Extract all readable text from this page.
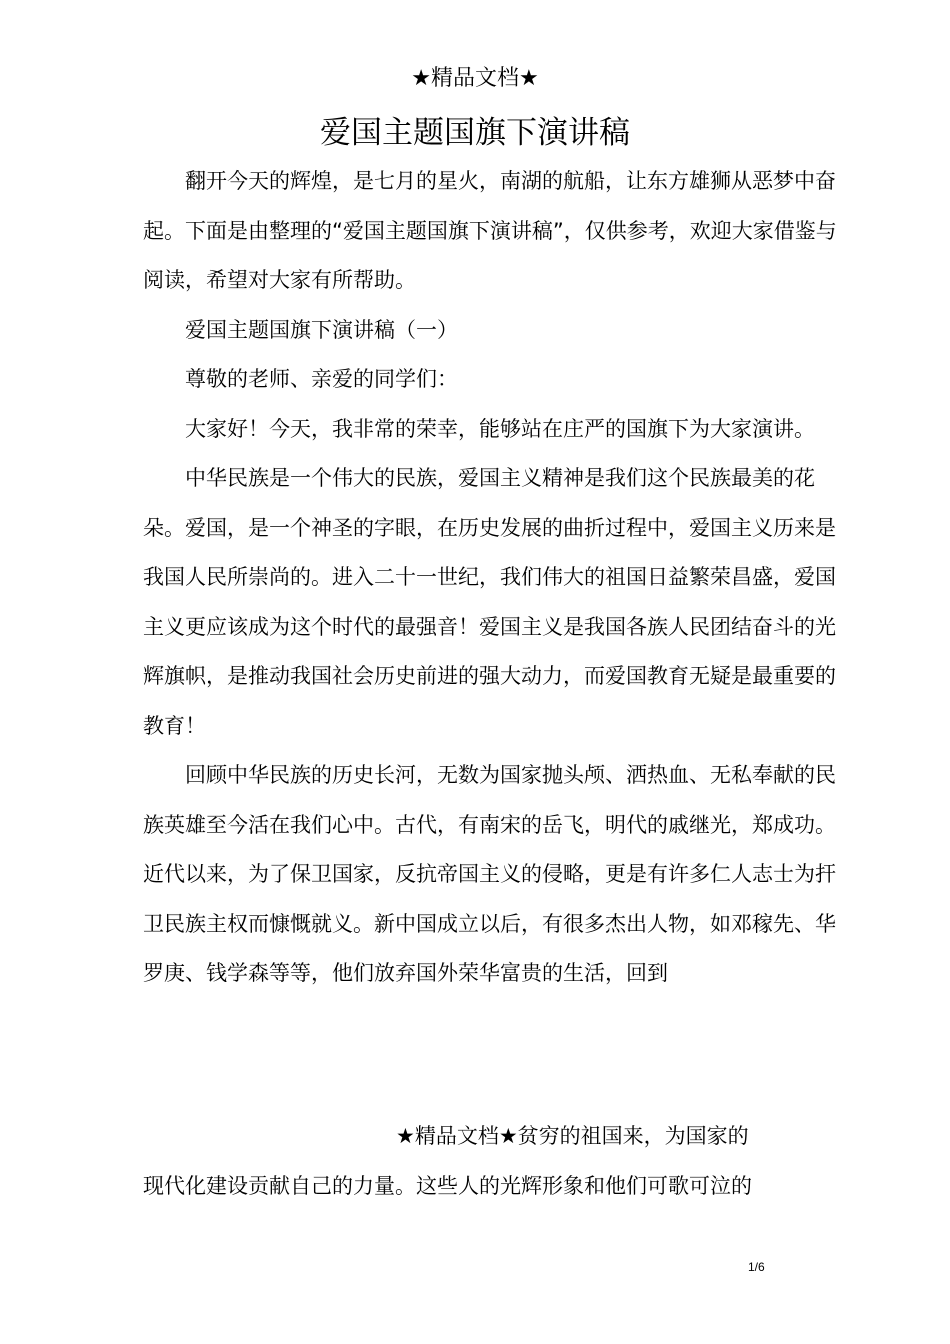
★精品文档★
爱国主题国旗下演讲稿

翻开今天的辉煌，是七月的星火，南湖的航船，让东方雄狮从恶梦中奋起。下面是由整理的“爱国主题国旗下演讲稿”，仅供参考，欢迎大家借鉴与阅读，希望对大家有所帮助。

爱国主题国旗下演讲稿（一）

尊敬的老师、亲爱的同学们：

大家好！今天，我非常的荣幸，能够站在庄严的国旗下为大家演讲。

中华民族是一个伟大的民族，爱国主义精神是我们这个民族最美的花朵。爱国，是一个神圣的字眼，在历史发展的曲折过程中，爱国主义历来是我国人民所崇尚的。进入二十一世纪，我们伟大的祖国日益繁荣昌盛，爱国主义更应该成为这个时代的最强音！爱国主义是我国各族人民团结奋斗的光辉旗帜，是推动我国社会历史前进的强大动力，而爱国教育无疑是最重要的教育！

回顾中华民族的历史长河，无数为国家抛头颅、洒热血、无私奉献的民族英雄至今活在我们心中。古代，有南宋的岳飞，明代的戚继光，郑成功。近代以来，为了保卫国家，反抗帝国主义的侵略，更是有许多仁人志士为扞卫民族主权而慷慨就义。新中国成立以后，有很多杰出人物，如邓稼先、华罗庚、钱学森等等，他们放弃国外荣华富贵的生活，回到

★精品文档★贫穷的祖国来，为国家的
现代化建设贡献自己的力量。这些人的光辉形象和他们可歌可泣的
1/6
